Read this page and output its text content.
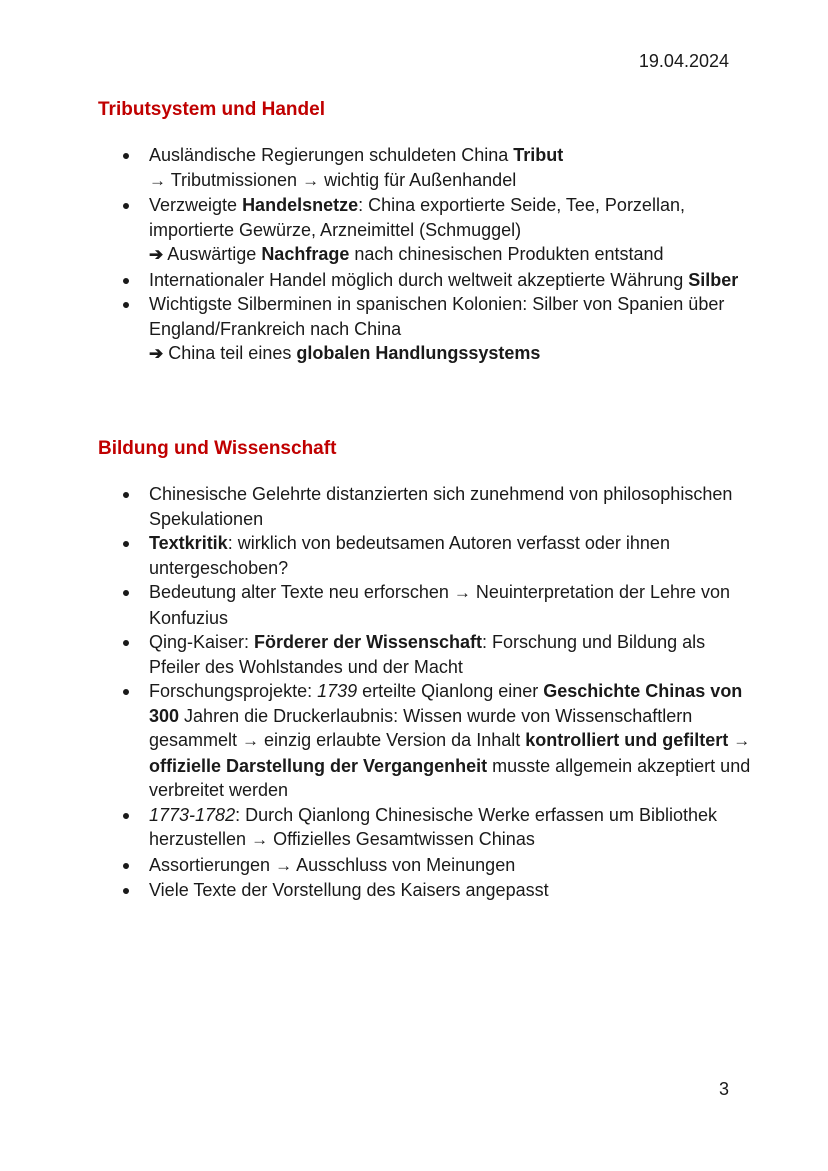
19.04.2024
Tributsystem und Handel
Ausländische Regierungen schuldeten China Tribut
→ Tributmissionen → wichtig für Außenhandel
Verzweigte Handelsnetze: China exportierte Seide, Tee, Porzellan, importierte Gewürze, Arzneimittel (Schmuggel)
➔ Auswärtige Nachfrage nach chinesischen Produkten entstand
Internationaler Handel möglich durch weltweit akzeptierte Währung Silber
Wichtigste Silberminen in spanischen Kolonien: Silber von Spanien über England/Frankreich nach China
➔ China teil eines globalen Handlungssystems
Bildung und Wissenschaft
Chinesische Gelehrte distanzierten sich zunehmend von philosophischen Spekulationen
Textkritik: wirklich von bedeutsamen Autoren verfasst oder ihnen untergeschoben?
Bedeutung alter Texte neu erforschen → Neuinterpretation der Lehre von Konfuzius
Qing-Kaiser: Förderer der Wissenschaft: Forschung und Bildung als Pfeiler des Wohlstandes und der Macht
Forschungsprojekte: 1739 erteilte Qianlong einer Geschichte Chinas von 300 Jahren die Druckerlaubnis: Wissen wurde von Wissenschaftlern gesammelt → einzig erlaubte Version da Inhalt kontrolliert und gefiltert → offizielle Darstellung der Vergangenheit musste allgemein akzeptiert und verbreitet werden
1773-1782: Durch Qianlong Chinesische Werke erfassen um Bibliothek herzustellen → Offizielles Gesamtwissen Chinas
Assortierungen → Ausschluss von Meinungen
Viele Texte der Vorstellung des Kaisers angepasst
3
